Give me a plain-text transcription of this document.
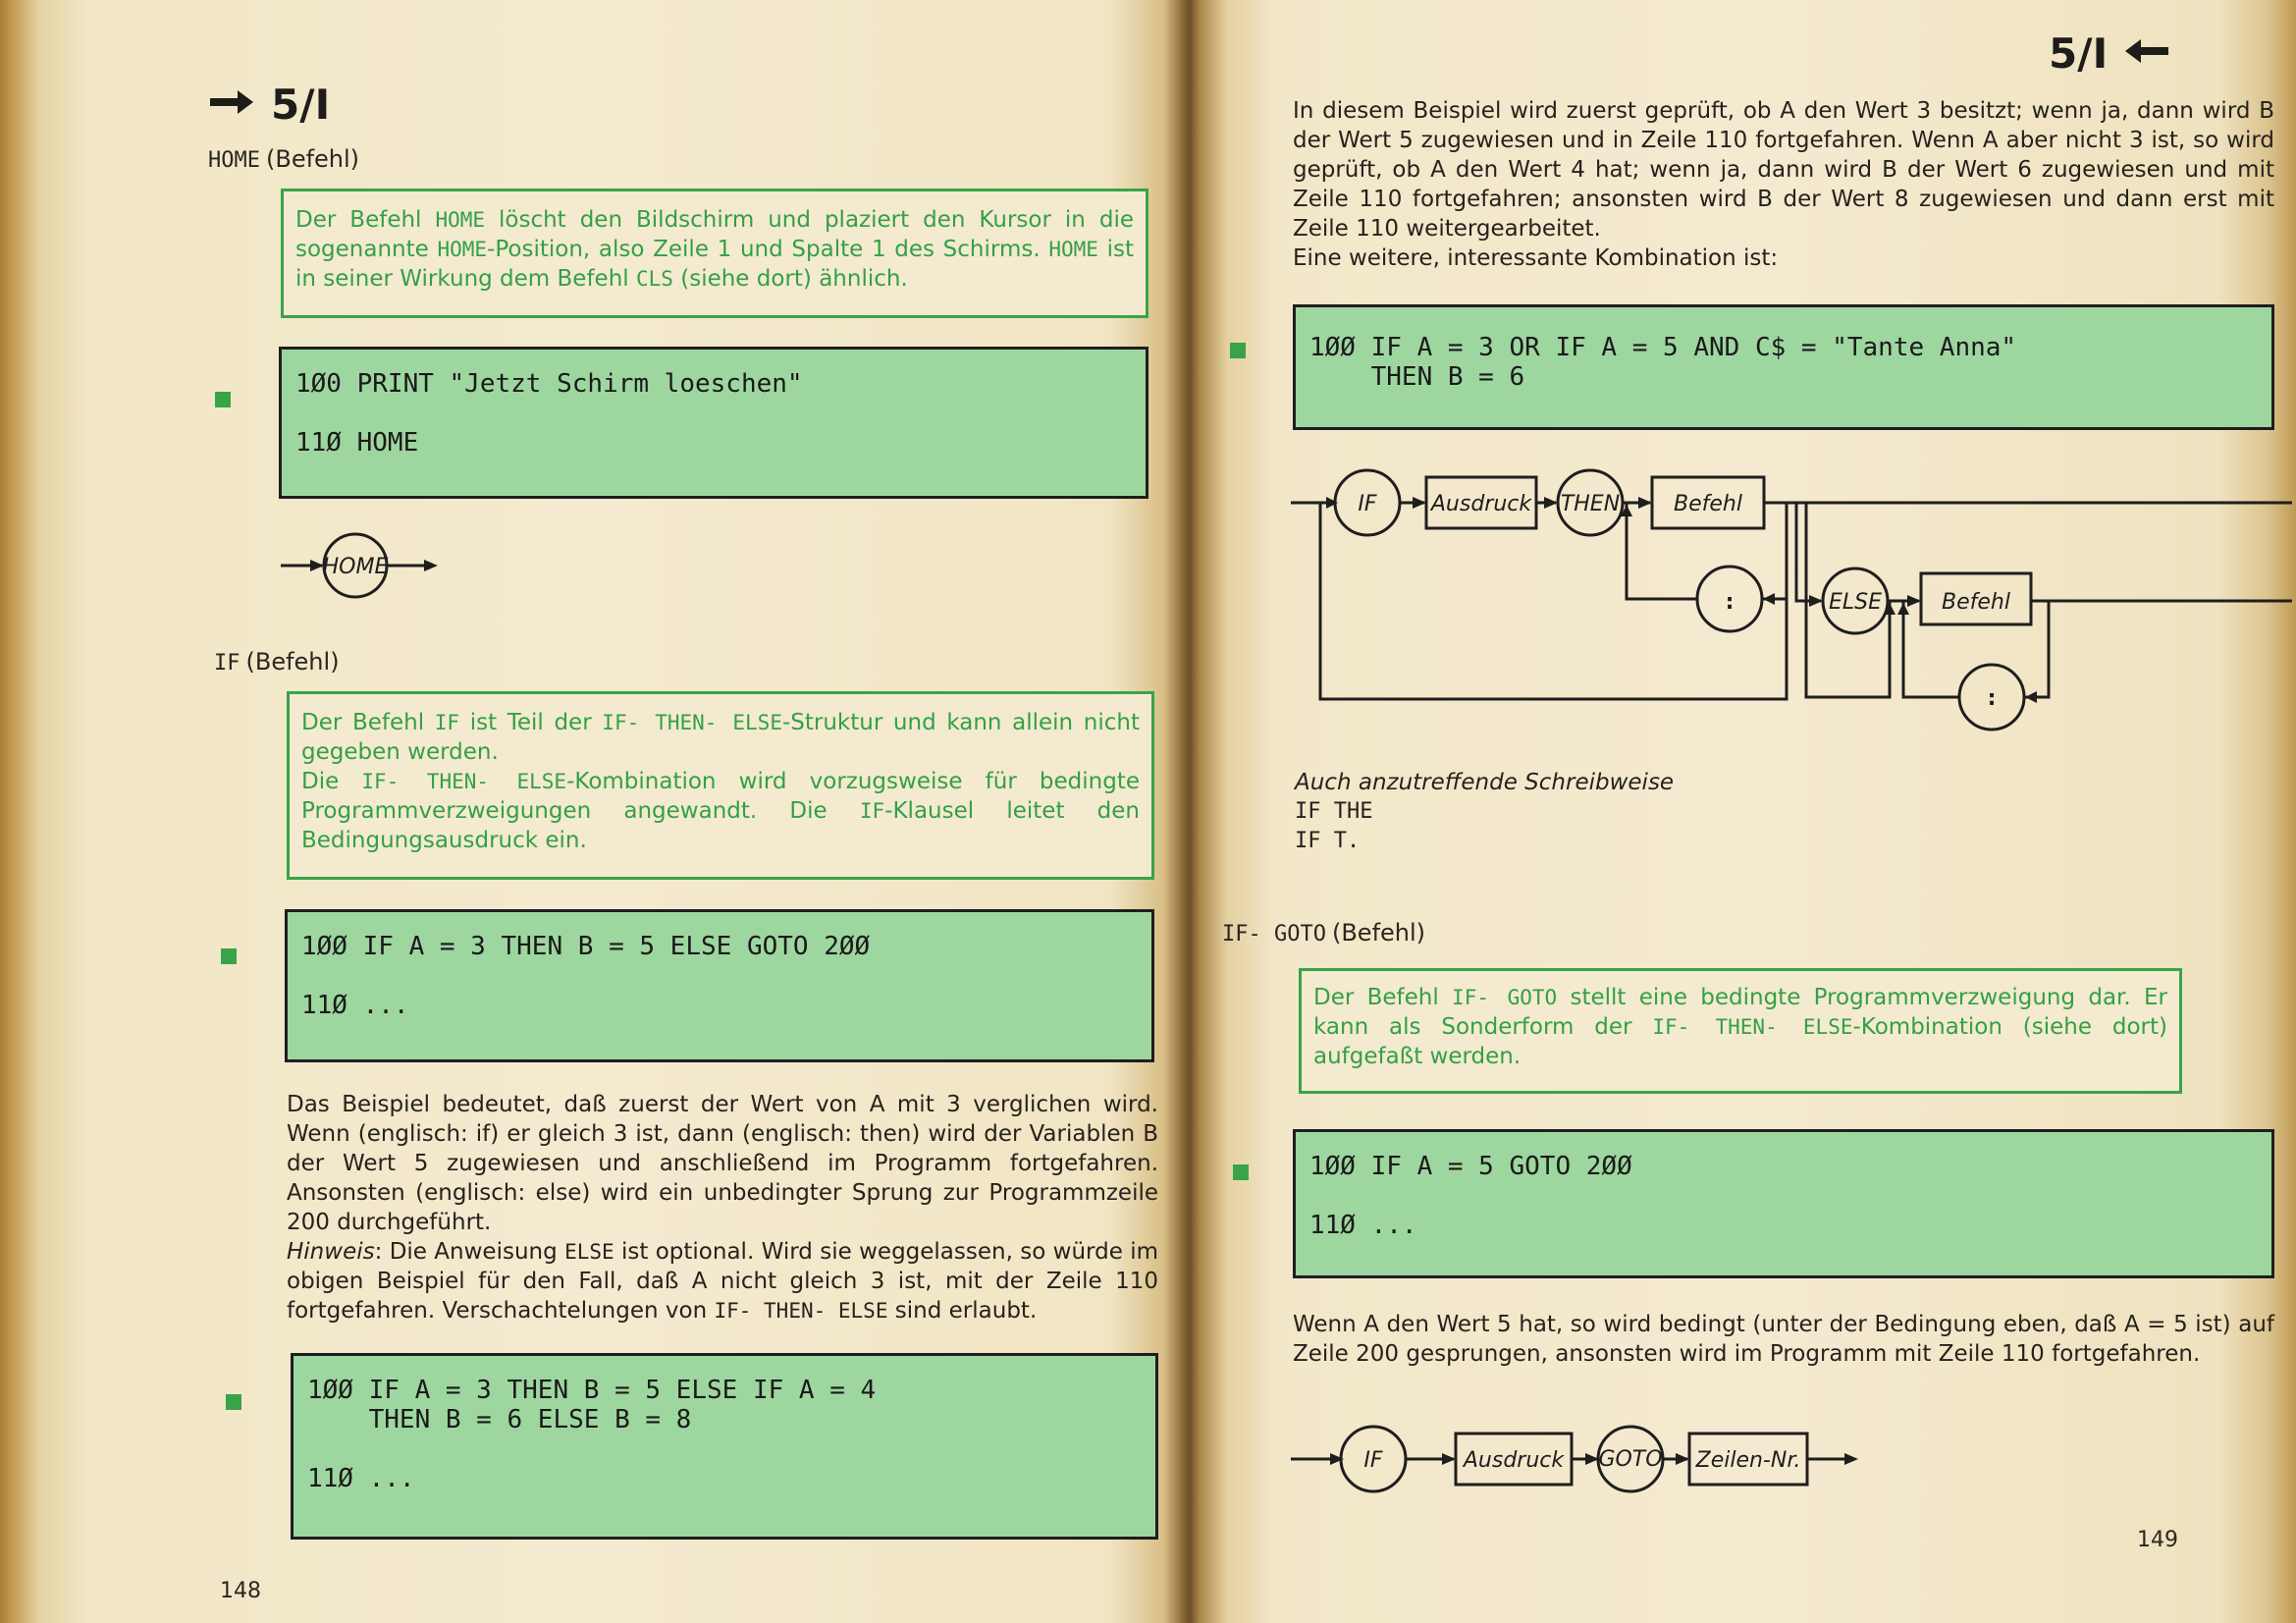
5/I
HOME (Befehl)

Der Befehl HOME löscht den Bildschirm und plaziert den Kursor in die sogenannte HOME-Position, also Zeile 1 und Spalte 1 des Schirms. HOME ist in seiner Wirkung dem Befehl CLS (siehe dort) ähnlich.

1Ø0 PRINT "Jetzt Schirm loeschen"
11Ø HOME
HOME
IF (Befehl)

Der Befehl IF ist Teil der IF- THEN- ELSE-Struktur und kann allein nicht gegeben werden.

Die IF- THEN- ELSE-Kombination wird vorzugsweise für bedingte Programmverzweigungen angewandt. Die IF-Klausel leitet den Bedingungsausdruck ein.

1ØØ IF A = 3 THEN B = 5 ELSE GOTO 2ØØ
11Ø ...
Das Beispiel bedeutet, daß zuerst der Wert von A mit 3 verglichen wird. Wenn (englisch: if) er gleich 3 ist, dann (englisch: then) wird der Variablen B der Wert 5 zugewiesen und anschließend im Programm fortgefahren. Ansonsten (englisch: else) wird ein unbedingter Sprung zur Programmzeile 200 durchgeführt.
Hinweis: Die Anweisung ELSE ist optional. Wird sie weggelassen, so würde im obigen Beispiel für den Fall, daß A nicht gleich 3 ist, mit der Zeile 110 fortgefahren. Verschachtelungen von IF- THEN- ELSE sind erlaubt.
1ØØ IF A = 3 THEN B = 5 ELSE IF A = 4
THEN B = 6 ELSE B = 8
11Ø ...
148
5/I
In diesem Beispiel wird zuerst geprüft, ob A den Wert 3 besitzt; wenn ja, dann wird B der Wert 5 zugewiesen und in Zeile 110 fortgefahren. Wenn A aber nicht 3 ist, so wird geprüft, ob A den Wert 4 hat; wenn ja, dann wird B der Wert 6 zugewiesen und mit Zeile 110 fortgefahren; ansonsten wird B der Wert 8 zugewiesen und dann erst mit Zeile 110 weitergearbeitet.
Eine weitere, interessante Kombination ist:
1ØØ IF A = 3 OR IF A = 5 AND C$ = "Tante Anna"
THEN B = 6
IF	Ausdruck THEN Befehl
:	ELSE	Befehl
:
Auch anzutreffende Schreibweise
IF THE
IF T.
IF- GOTO (Befehl)

Der Befehl IF- GOTO stellt eine bedingte Programmverzweigung dar. Er kann als Sonderform der IF- THEN- ELSE-Kombination (siehe dort) aufgefaßt werden.

1ØØ IF A = 5 GOTO 2ØØ
11Ø ...
Wenn A den Wert 5 hat, so wird bedingt (unter der Bedingung eben, daß A = 5 ist) auf Zeile 200 gesprungen, ansonsten wird im Programm mit Zeile 110 fortgefahren.
IF	Ausdruck GOTO Zeilen-Nr.
149
